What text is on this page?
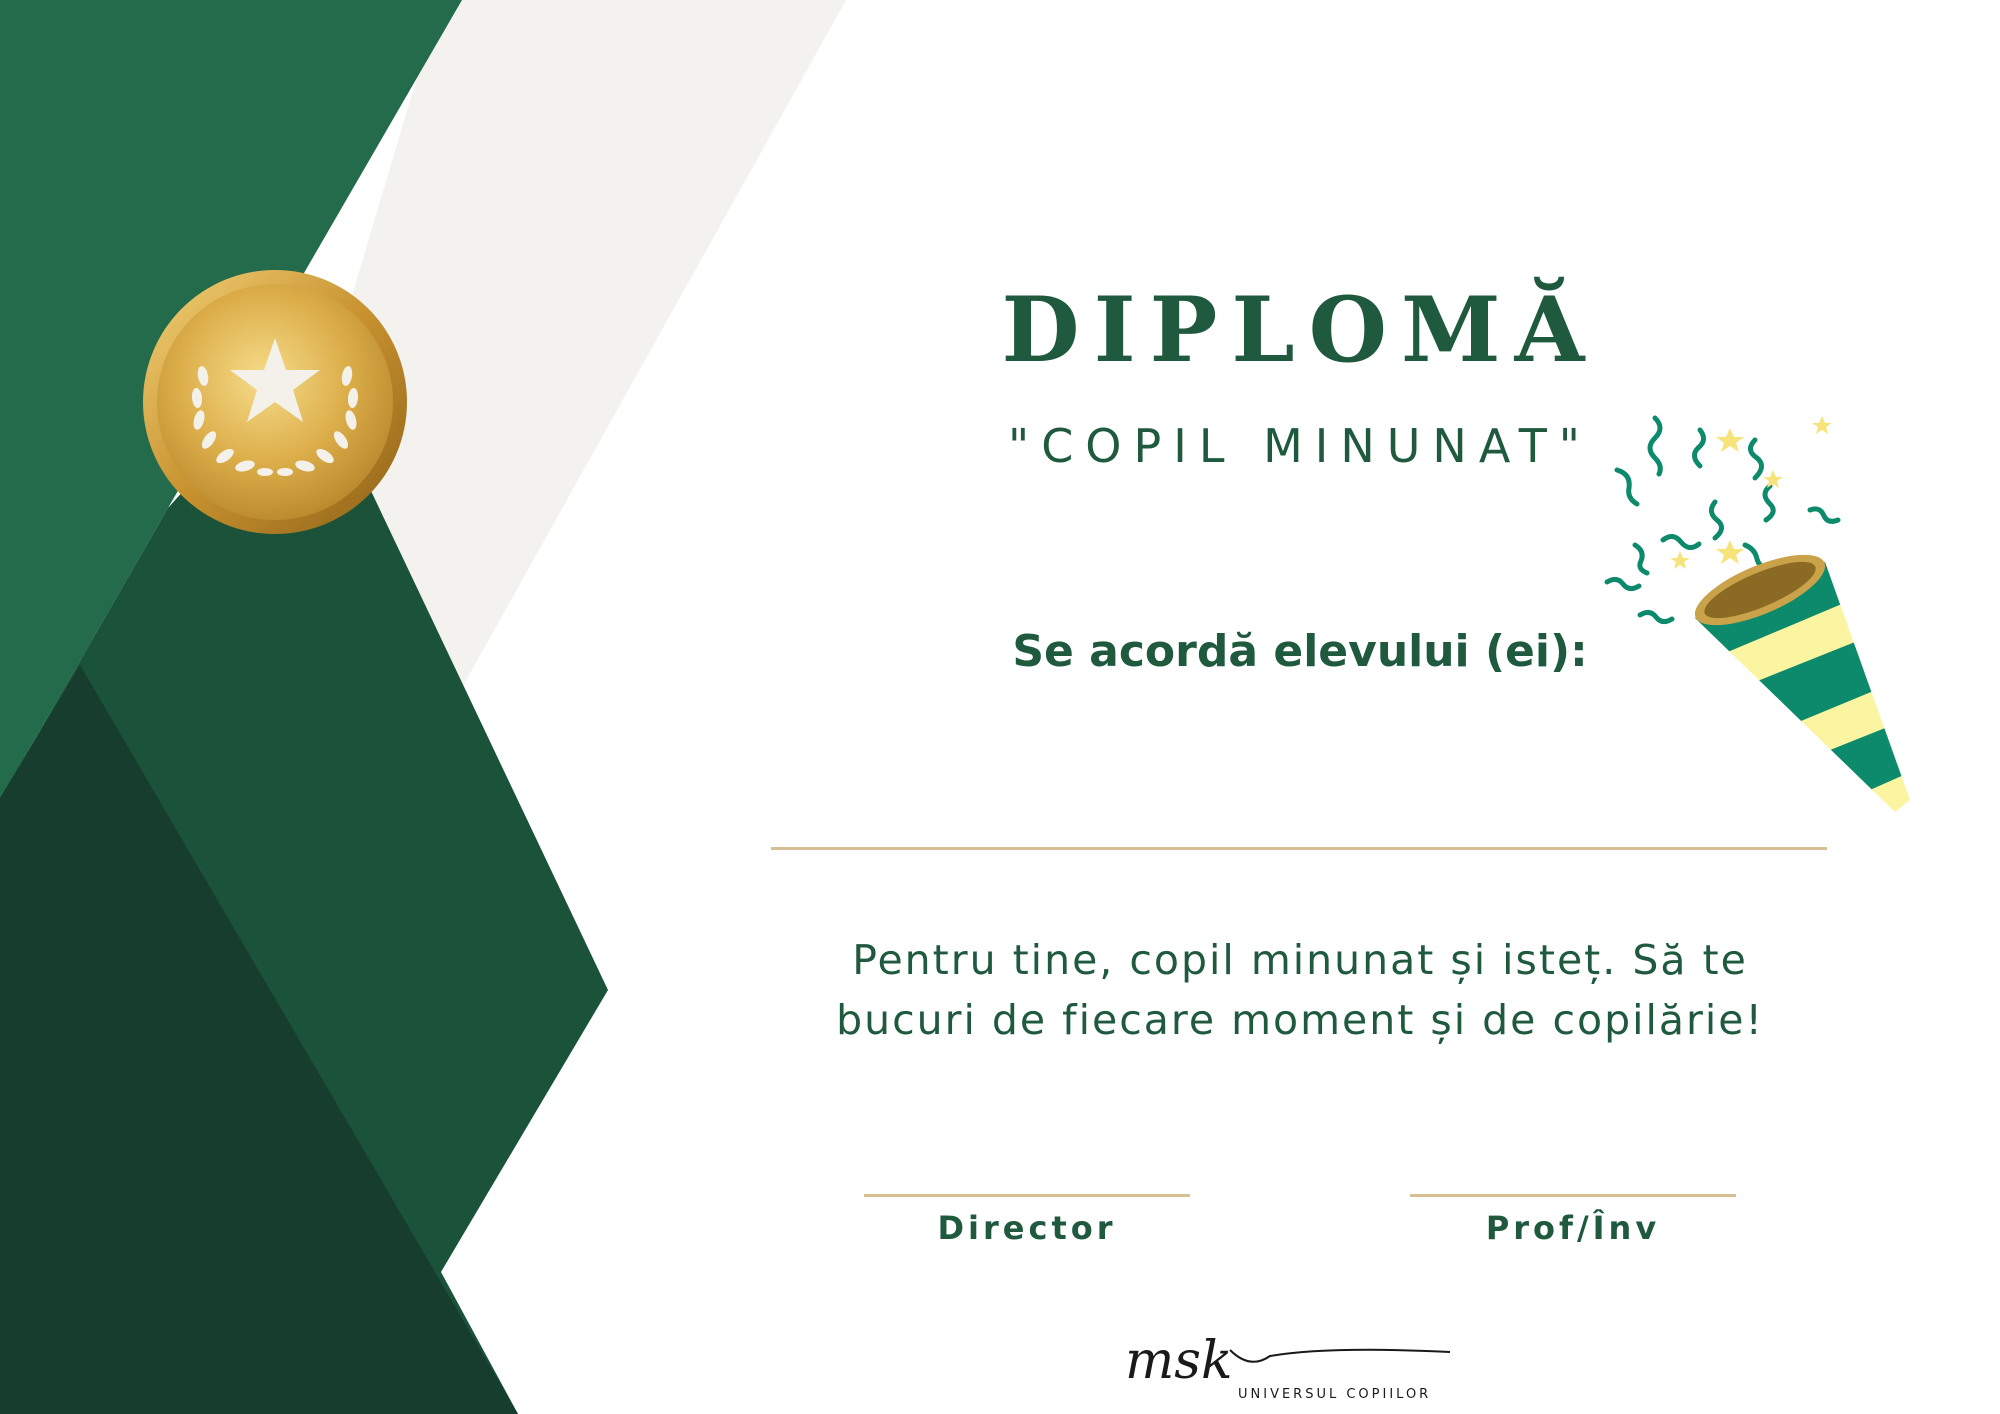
DIPLOMĂ
"COPIL MINUNAT"
Se acordă elevului (ei):
Pentru tine, copil minunat și isteț. Să te
bucuri de fiecare moment și de copilărie!
Director	Prof/Înv
msk
UNIVERSUL COPIILOR
